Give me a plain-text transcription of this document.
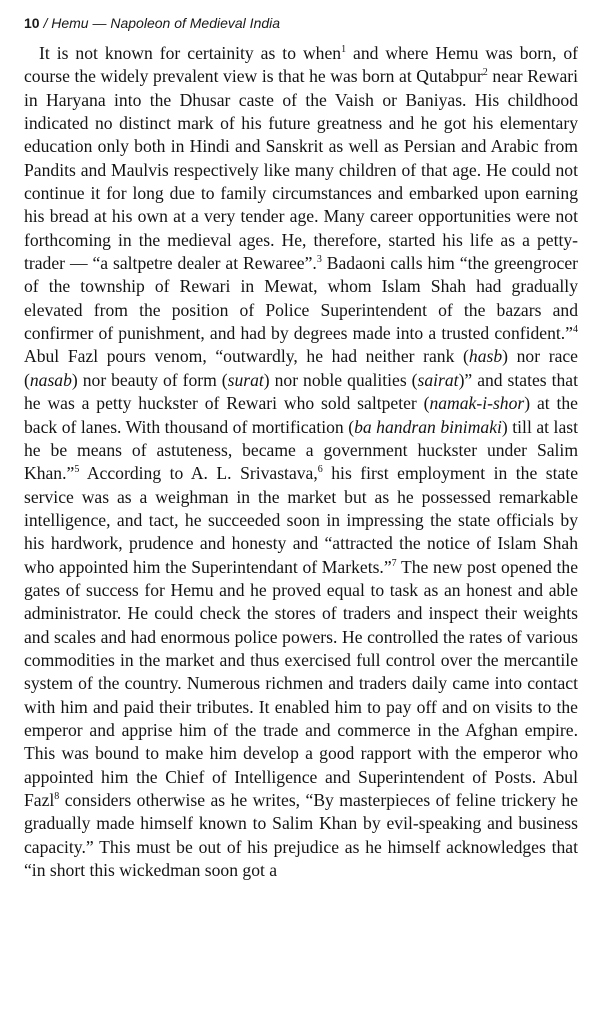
10 / Hemu — Napoleon of Medieval India

It is not known for certainity as to when$^1$ and where Hemu was born, of course the widely prevalent view is that he was born at Qutabpur$^2$ near Rewari in Haryana into the Dhusar caste of the Vaish or Baniyas. His childhood indicated no distinct mark of his future greatness and he got his elementary education only both in Hindi and Sanskrit as well as Persian and Arabic from Pandits and Maulvis respectively like many children of that age. He could not continue it for long due to family circumstances and embarked upon earning his bread at his own at a very tender age. Many career opportunities were not forthcoming in the medieval ages. He, therefore, started his life as a petty-trader — “a saltpetre dealer at Rewaree”.$^3$ Badaoni calls him “the greengrocer of the township of Rewari in Mewat, whom Islam Shah had gradually elevated from the position of Police Superintendent of the bazars and confirmer of punishment, and had by degrees made into a trusted confident.”$^4$ Abul Fazl pours venom, “outwardly, he had neither rank (hasb) nor race (nasab) nor beauty of form (surat) nor noble qualities (sairat)” and states that he was a petty huckster of Rewari who sold saltpeter (namak-i-shor) at the back of lanes. With thousand of mortification (ba handran binimaki) till at last he be means of astuteness, became a government huckster under Salim Khan.”$^5$ According to A. L. Srivastava,$^6$ his first employment in the state service was as a weighman in the market but as he possessed remarkable intelligence, and tact, he succeeded soon in impressing the state officials by his hardwork, prudence and honesty and “attracted the notice of Islam Shah who appointed him the Superintendant of Markets.”$^7$ The new post opened the gates of success for Hemu and he proved equal to task as an honest and able administrator. He could check the stores of traders and inspect their weights and scales and had enormous police powers. He controlled the rates of various commodities in the market and thus exercised full control over the mercantile system of the country. Numerous richmen and traders daily came into contact with him and paid their tributes. It enabled him to pay off and on visits to the emperor and apprise him of the trade and commerce in the Afghan empire. This was bound to make him develop a good rapport with the emperor who appointed him the Chief of Intelligence and Superintendent of Posts. Abul Fazl$^8$ considers otherwise as he writes, “By masterpieces of feline trickery he gradually made himself known to Salim Khan by evil-speaking and business capacity.” This must be out of his prejudice as he himself acknowledges that “in short this wickedman soon got a
